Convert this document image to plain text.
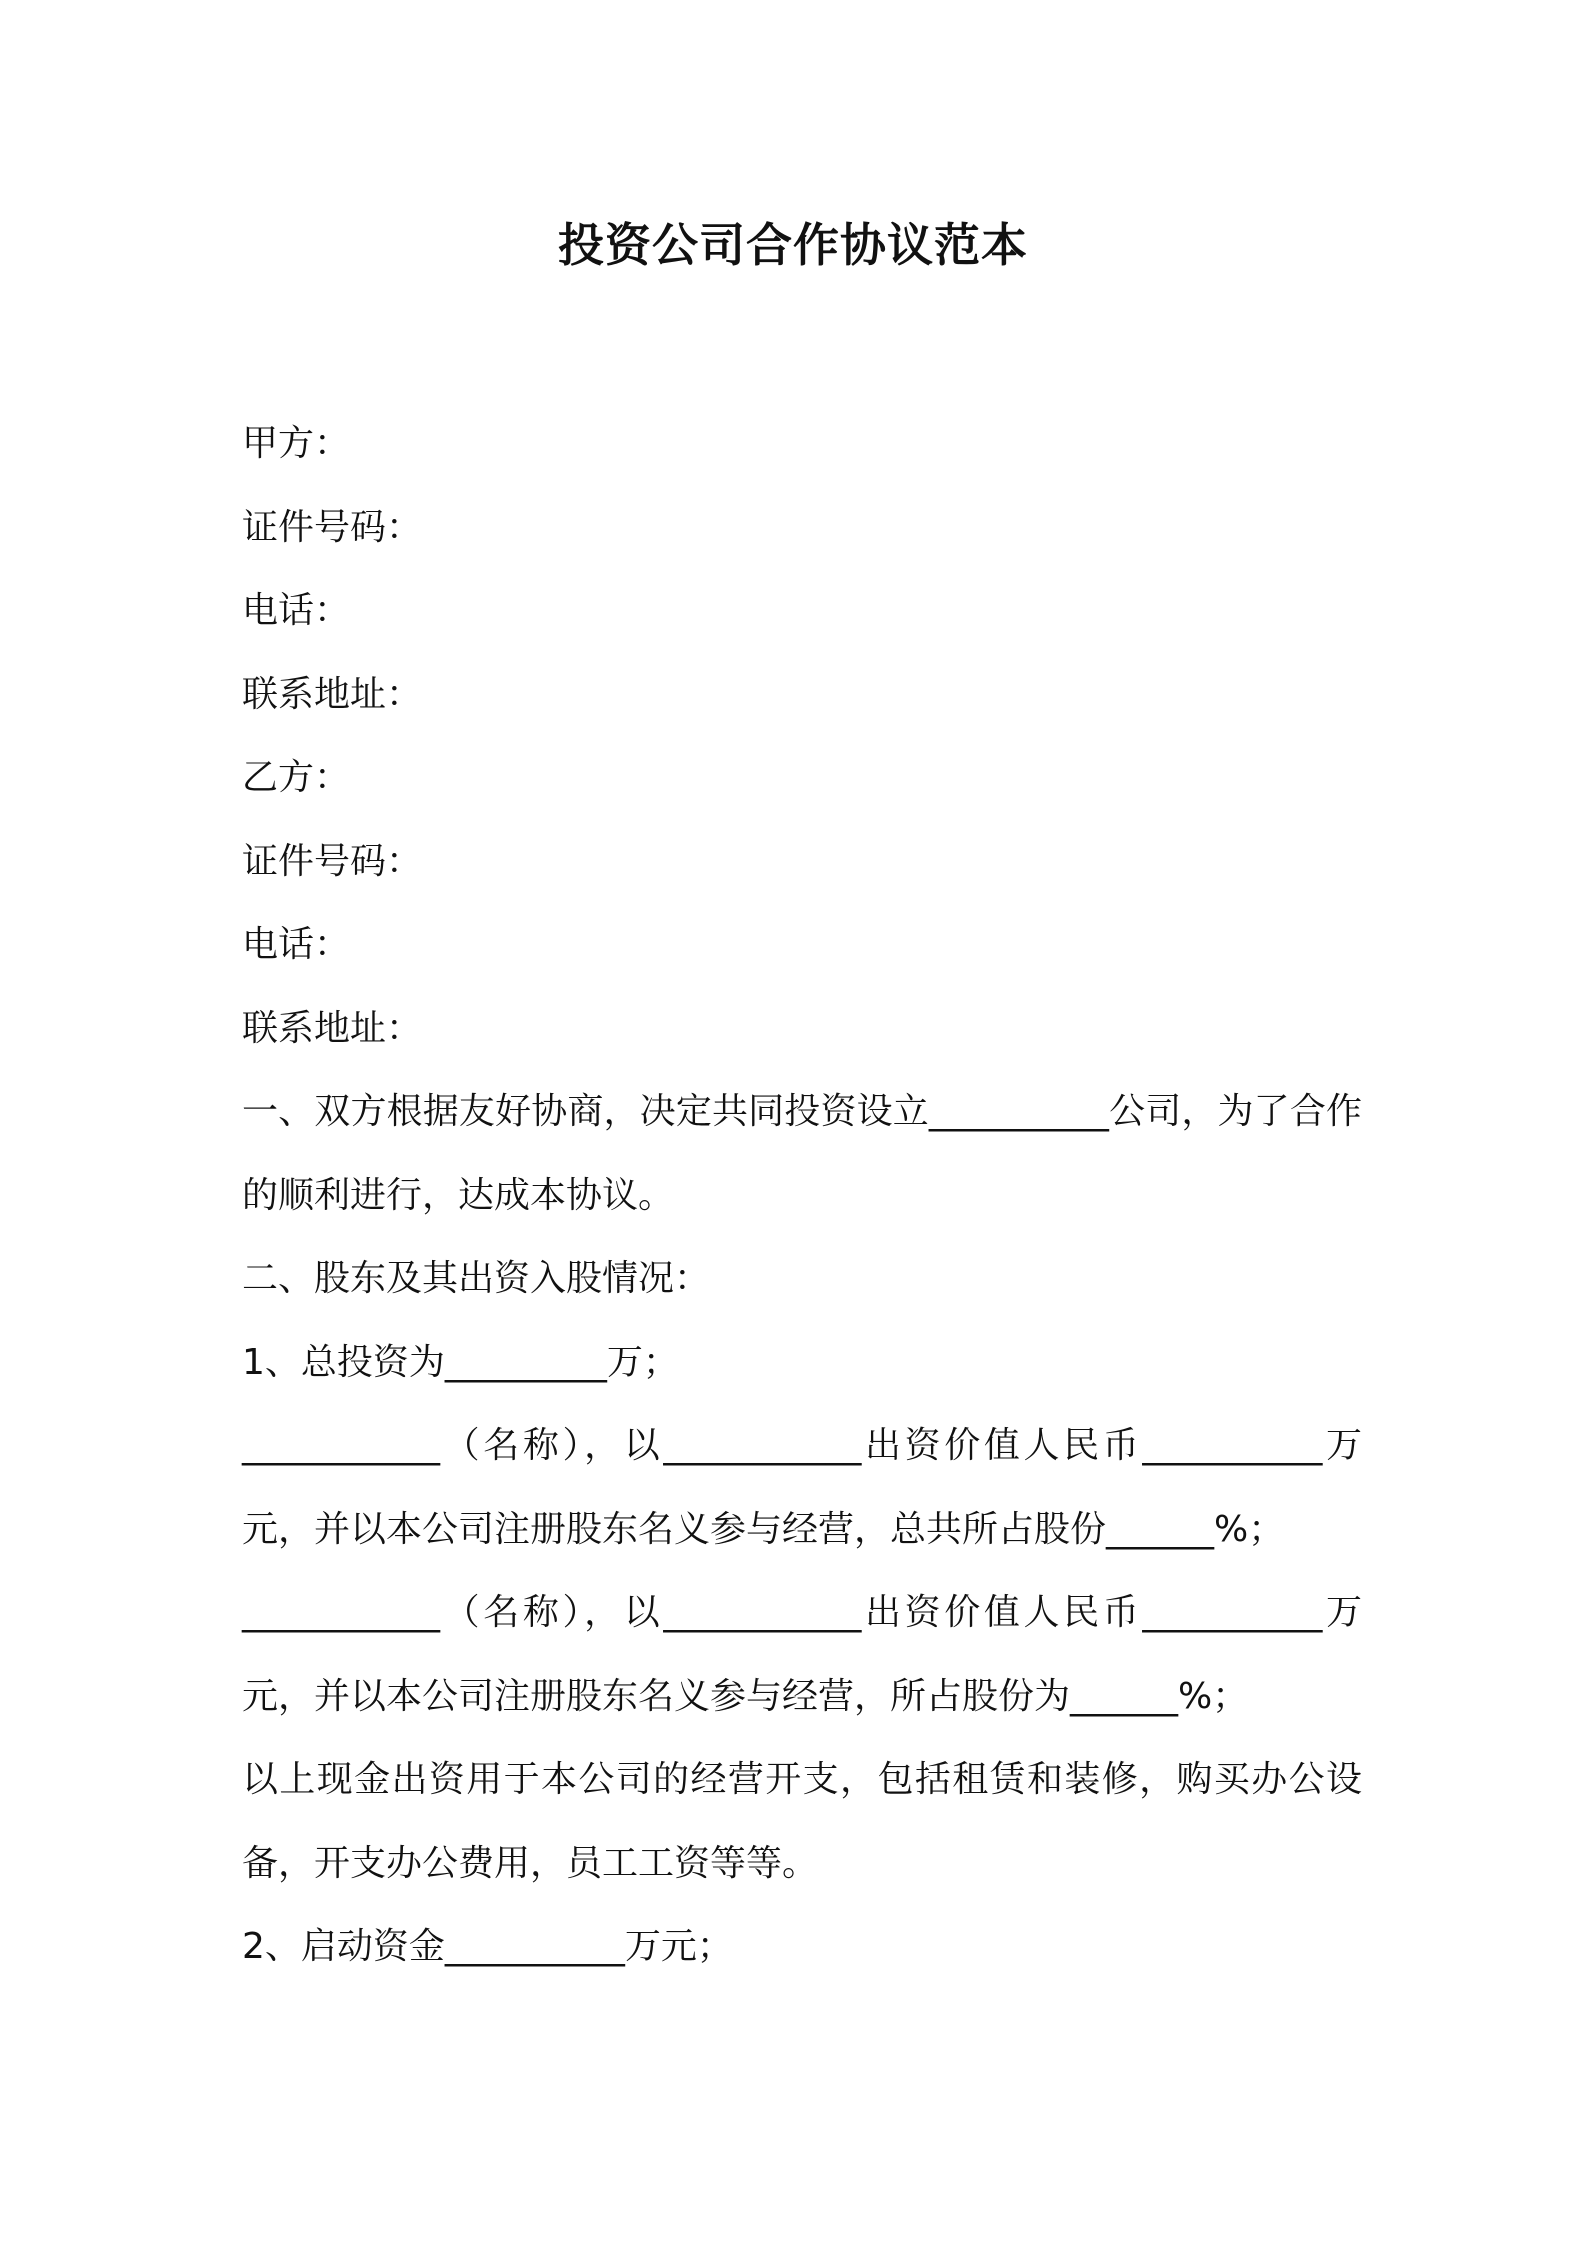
投资公司合作协议范本

甲方：

证件号码：

电话：

联系地址：

乙方：

证件号码：

电话：

联系地址：

一、双方根据友好协商，决定共同投资设立__________公司，为了合作的顺利进行，达成本协议。

二、股东及其出资入股情况：

1、总投资为_________万；

___________（名称），以___________出资价值人民币__________万元，并以本公司注册股东名义参与经营，总共所占股份______%；

___________（名称），以___________出资价值人民币__________万元，并以本公司注册股东名义参与经营，所占股份为______%；

以上现金出资用于本公司的经营开支，包括租赁和装修，购买办公设备，开支办公费用，员工工资等等。

2、启动资金__________万元；
